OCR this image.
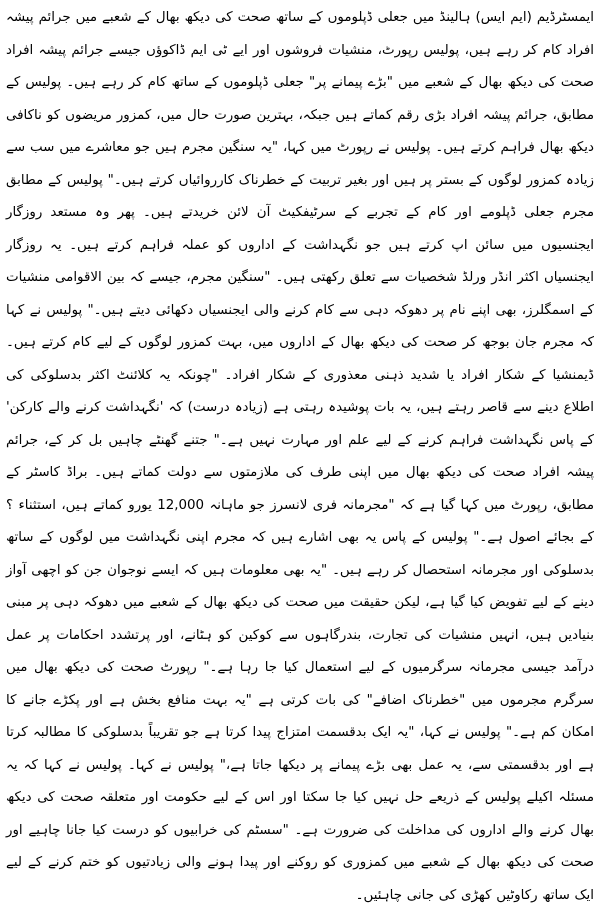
ایمسٹرڈیم (ایم ایس) ہالینڈ میں جعلی ڈپلوموں کے ساتھ صحت کی دیکھ بھال کے شعبے میں جرائم پیشہ افراد کام کر رہے ہیں، پولیس رپورٹ، منشیات فروشوں اور ایے ٹی ایم ڈاکوؤں جیسے جرائم پیشہ افراد صحت کی دیکھ بھال کے شعبے میں "بڑے پیمانے پر" جعلی ڈپلوموں کے ساتھ کام کر رہے ہیں۔ پولیس کے مطابق، جرائم پیشہ افراد بڑی رقم کماتے ہیں جبکہ، بہترین صورت حال میں، کمزور مریضوں کو ناکافی دیکھ بھال فراہم کرتے ہیں۔ پولیس نے رپورٹ میں کہا، "یہ سنگین مجرم ہیں جو معاشرے میں سب سے زیادہ کمزور لوگوں کے بستر پر ہیں اور بغیر تربیت کے خطرناک کارروائیاں کرتے ہیں۔" پولیس کے مطابق مجرم جعلی ڈپلومے اور کام کے تجربے کے سرٹیفکیٹ آن لائن خریدتے ہیں۔ پھر وہ مستعد روزگار ایجنسیوں میں سائن اپ کرتے ہیں جو نگہداشت کے اداروں کو عملہ فراہم کرتے ہیں۔ یہ روزگار ایجنسیاں اکثر انڈر ورلڈ شخصیات سے تعلق رکھتی ہیں۔ "سنگین مجرم، جیسے کہ بین الاقوامی منشیات کے اسمگلرز، بھی اپنے نام پر دھوکہ دہی سے کام کرنے والی ایجنسیاں دکھائی دیتے ہیں۔" پولیس نے کہا کہ مجرم جان بوجھ کر صحت کی دیکھ بھال کے اداروں میں، بہت کمزور لوگوں کے لیے کام کرتے ہیں۔ ڈیمنشیا کے شکار افراد یا شدید ذہنی معذوری کے شکار افراد۔ "چونکہ یہ کلائنٹ اکثر بدسلوکی کی اطلاع دینے سے قاصر رہتے ہیں، یہ بات پوشیدہ رہتی ہے (زیادہ درست) کہ 'نگہداشت کرنے والے کارکن' کے پاس نگہداشت فراہم کرنے کے لیے علم اور مہارت نہیں ہے۔" جتنے گھنٹے چاہیں بل کر کے، جرائم پیشہ افراد صحت کی دیکھ بھال میں اپنی طرف کی ملازمتوں سے دولت کماتے ہیں۔ براڈ کاسٹر کے مطابق، رپورٹ میں کہا گیا ہے کہ "مجرمانہ فری لانسرز جو ماہانہ 12,000 یورو کماتے ہیں، استثناء ؟ کے بجائے اصول ہے۔" پولیس کے پاس یہ بھی اشارے ہیں کہ مجرم اپنی نگہداشت میں لوگوں کے ساتھ بدسلوکی اور مجرمانہ استحصال کر رہے ہیں۔ "یہ بھی معلومات ہیں کہ ایسے نوجوان جن کو اچھی آواز دینے کے لیے تفویض کیا گیا ہے، لیکن حقیقت میں صحت کی دیکھ بھال کے شعبے میں دھوکہ دہی پر مبنی بنیادیں ہیں، انہیں منشیات کی تجارت، بندرگاہوں سے کوکین کو ہٹانے، اور پرتشدد احکامات پر عمل درآمد جیسی مجرمانہ سرگرمیوں کے لیے استعمال کیا جا رہا ہے۔" رپورٹ صحت کی دیکھ بھال میں سرگرم مجرموں میں "خطرناک اضافے" کی بات کرتی ہے "یہ بہت منافع بخش ہے اور پکڑے جانے کا امکان کم ہے۔" پولیس نے کہا، "یہ ایک بدقسمت امتزاج پیدا کرتا ہے جو تقریباً بدسلوکی کا مطالبہ کرتا ہے اور بدقسمتی سے، یہ عمل بھی بڑے پیمانے پر دیکھا جاتا ہے،" پولیس نے کہا۔ پولیس نے کہا کہ یہ مسئلہ اکیلے پولیس کے ذریعے حل نہیں کیا جا سکتا اور اس کے لیے حکومت اور متعلقہ صحت کی دیکھ بھال کرنے والے اداروں کی مداخلت کی ضرورت ہے۔ "سسٹم کی خرابیوں کو درست کیا جانا چاہیے اور صحت کی دیکھ بھال کے شعبے میں کمزوری کو روکنے اور پیدا ہونے والی زیادتیوں کو ختم کرنے کے لیے ایک ساتھ رکاوٹیں کھڑی کی جانی چاہئیں۔
